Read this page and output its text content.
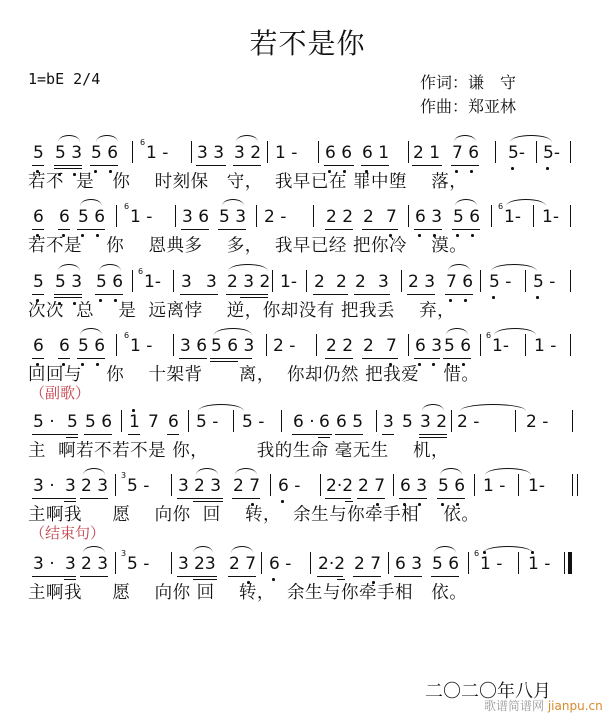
若不是你
1=bE 2/4	作词：谦　守
作曲：郑亚林
5 5 3 5 6
6
1 - 3 3 3 2 1 - 6 6 6 1 2 1 7 6 5- 5-
若不  是   你    时刻保   守，  我早已在 罪中堕    落，
6 6 5 6
6
1 - 3 6 5 3 2 - 2 2 2 7 6 3 5 6
6
1- 1-
若不是    你    恩典多    多，  我早已经 把你冷    漠。
5 5 3 5 6
6
1- 3 3 2 3 2 1- 2 2 2 3 2 3 7 6 5 - 5 -
次次  总    是  远离悖    逆，你却没有 把我丢    弃，
6 6 5 6
6
1 - 3 6 5 6 3 2 - 2 2 2 7 6 3 5 6
6
1- 1 -
回回与    你    十架背      离，  你却仍然 把我爱    惜。
（副歌）
5 · 5 5 6 1 7 6 5 - 5 - 6 · 6 6 5 3 5 3 2 2 -	2 -
主  啊若不若不是 你，        我的生命 毫无生    机，
3 · 3 2 3
3
5 - 3 2 3 2 7 6 - 2·2 2 7 6 3 5 6 1 - 1-
主啊我     愿    向你  回    转，  余生与你牵手相    依。
（结束句）
3 · 3 2 3
3
5 - 3 23 2 7 6 - 2·2 2 7 6 3 5 6
6
1 - 1 -
主啊我     愿    向你 回    转，  余生与你牵手相   依。
二〇二〇年八月
歌谱简谱网 jianpu.cn
